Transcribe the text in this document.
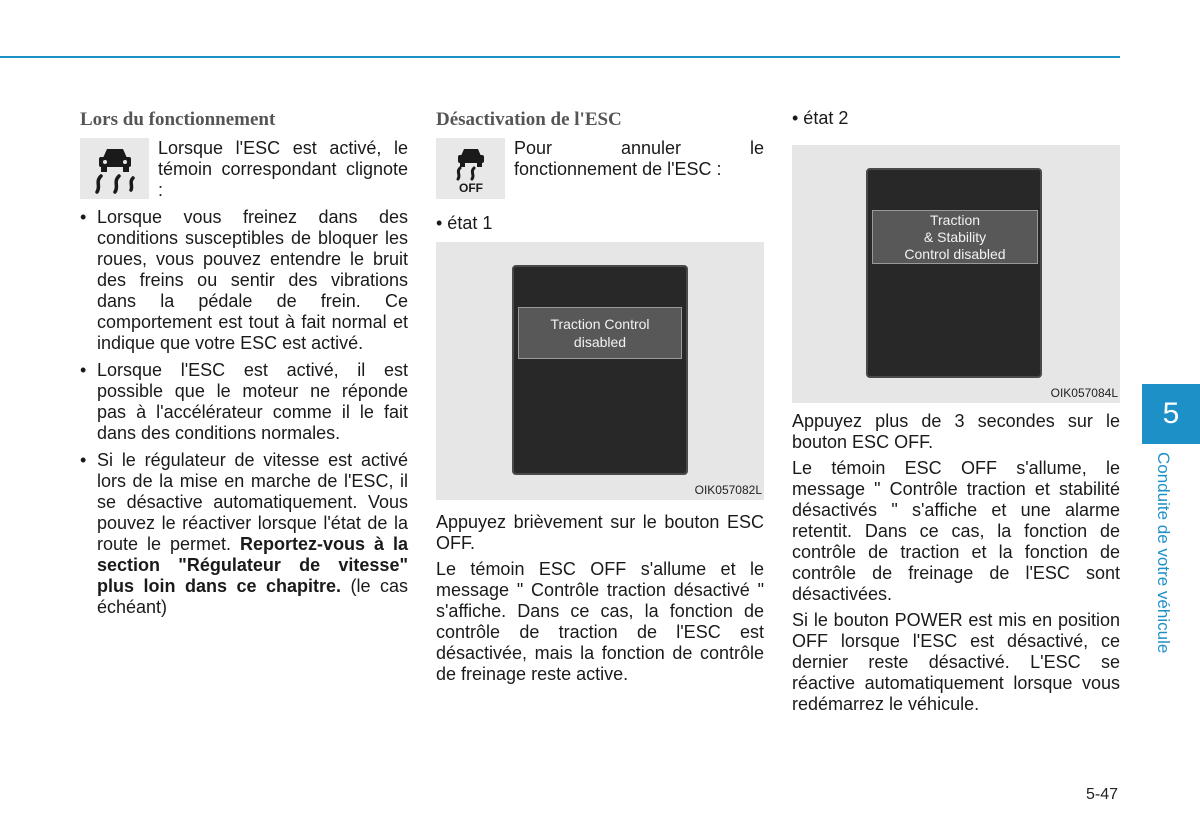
Lors du fonctionnement

Lorsque l'ESC est activé, le témoin correspondant clignote :

• Lorsque vous freinez dans des conditions susceptibles de bloquer les roues, vous pouvez entendre le bruit des freins ou sentir des vibrations dans la pédale de frein. Ce comportement est tout à fait normal et indique que votre ESC est activé.
• Lorsque l'ESC est activé, il est possible que le moteur ne réponde pas à l'accélérateur comme il le fait dans des conditions normales.
• Si le régulateur de vitesse est activé lors de la mise en marche de l'ESC, il se désactive automatiquement. Vous pouvez le réactiver lorsque l'état de la route le permet. Reportez-vous à la section "Régulateur de vitesse" plus loin dans ce chapitre. (le cas échéant)
Désactivation de l'ESC
OFF

Pour annuler le fonctionnement de l'ESC :

• état 1
Traction Control
disabled
OIK057082L

Appuyez brièvement sur le bouton ESC OFF.

Le témoin ESC OFF s'allume et le message " Contrôle traction désactivé " s'affiche. Dans ce cas, la fonction de contrôle de traction de l'ESC est désactivée, mais la fonction de contrôle de freinage reste active.

• état 2
Traction
& Stability
Control disabled
OIK057084L

Appuyez plus de 3 secondes sur le bouton ESC OFF.

Le témoin ESC OFF s'allume, le message " Contrôle traction et stabilité désactivés " s'affiche et une alarme retentit. Dans ce cas, la fonction de contrôle de traction et la fonction de contrôle de freinage de l'ESC sont désactivées.

Si le bouton POWER est mis en position OFF lorsque l'ESC est désactivé, ce dernier reste désactivé. L'ESC se réactive automatiquement lorsque vous redémarrez le véhicule.

5
Conduite de votre véhicule
5-47
